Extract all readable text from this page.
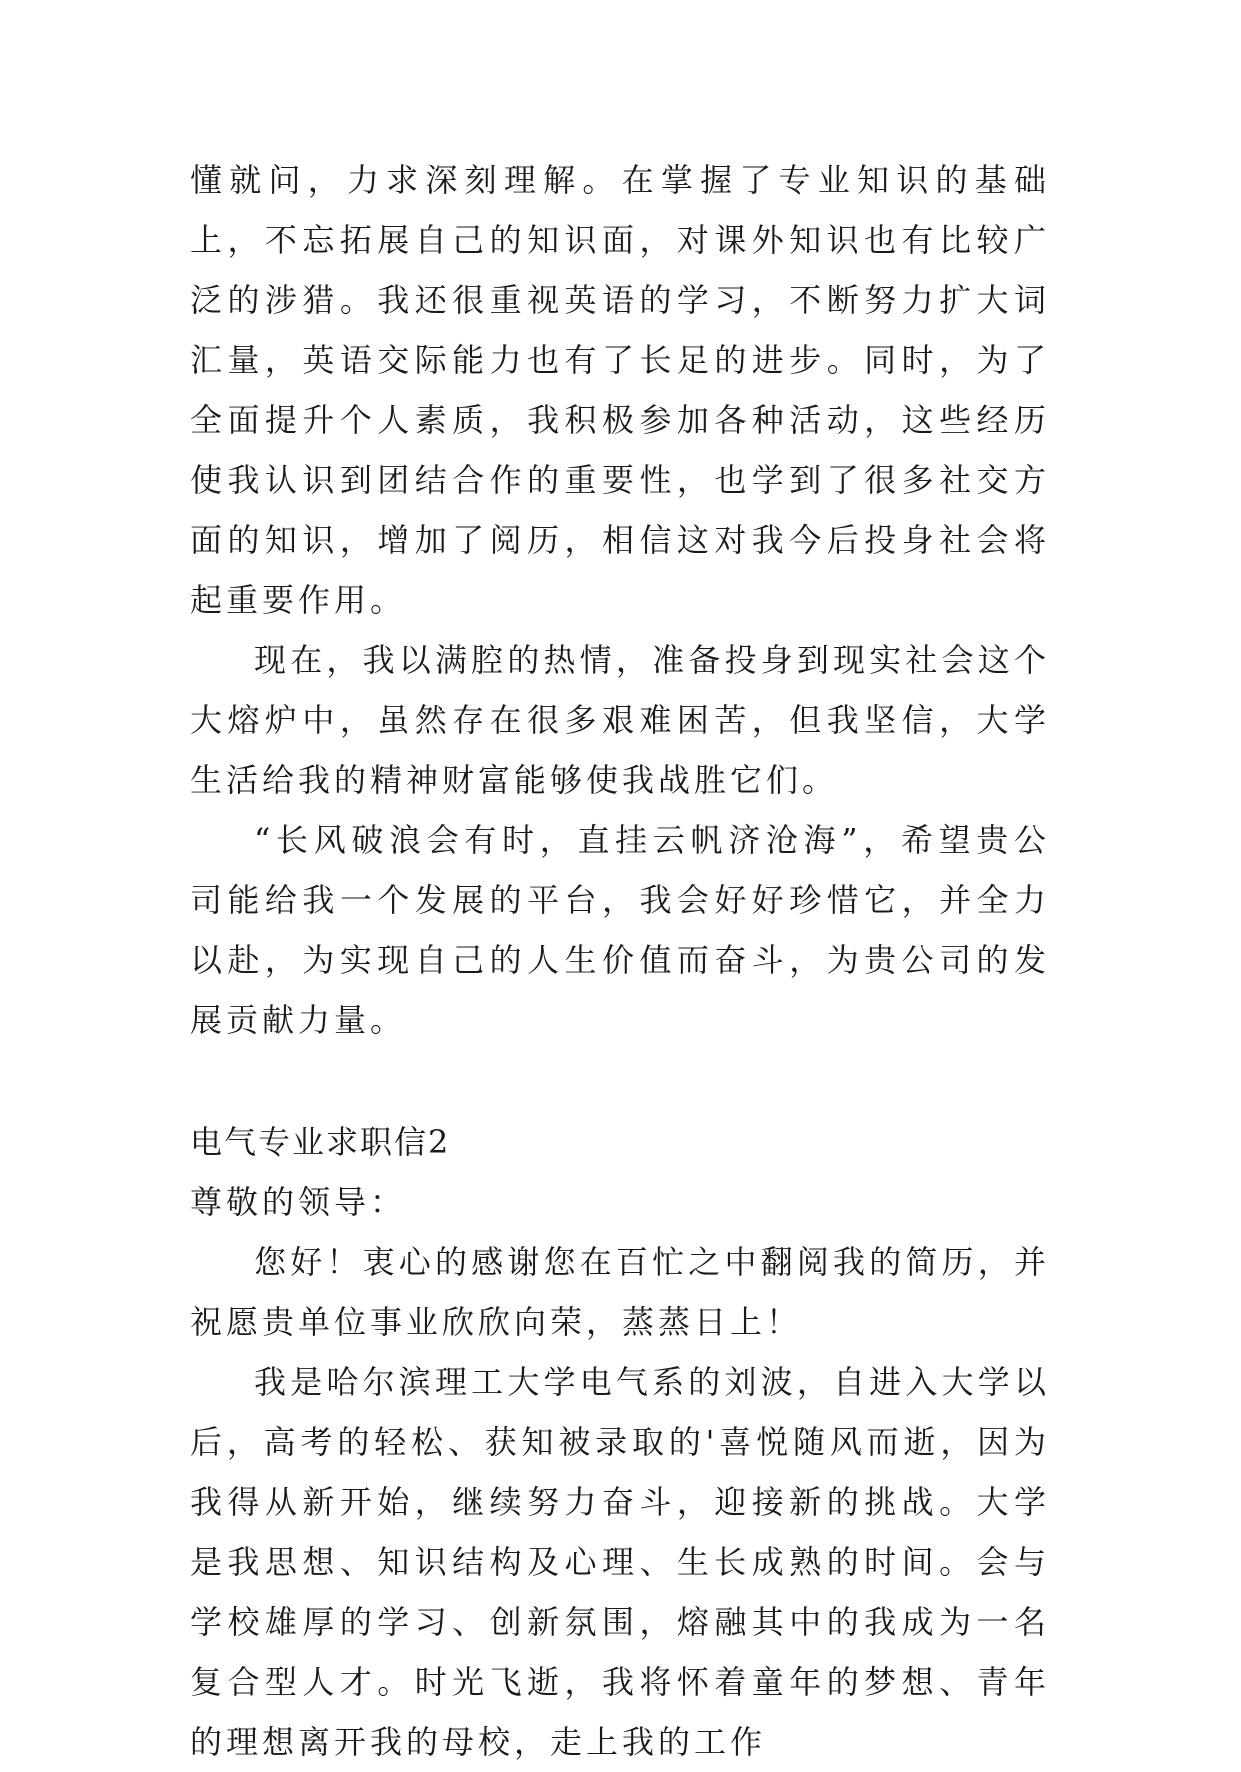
懂就问，力求深刻理解。在掌握了专业知识的基础上，不忘拓展自己的知识面，对课外知识也有比较广泛的涉猎。我还很重视英语的学习，不断努力扩大词汇量，英语交际能力也有了长足的进步。同时，为了全面提升个人素质，我积极参加各种活动，这些经历使我认识到团结合作的重要性，也学到了很多社交方面的知识，增加了阅历，相信这对我今后投身社会将起重要作用。

现在，我以满腔的热情，准备投身到现实社会这个大熔炉中，虽然存在很多艰难困苦，但我坚信，大学生活给我的精神财富能够使我战胜它们。

“长风破浪会有时，直挂云帆济沧海”，希望贵公司能给我一个发展的平台，我会好好珍惜它，并全力以赴，为实现自己的人生价值而奋斗，为贵公司的发展贡献力量。

电气专业求职信2

尊敬的领导：

您好！衷心的感谢您在百忙之中翻阅我的简历，并祝愿贵单位事业欣欣向荣，蒸蒸日上！

我是哈尔滨理工大学电气系的刘波，自进入大学以后，高考的轻松、获知被录取的'喜悦随风而逝，因为我得从新开始，继续努力奋斗，迎接新的挑战。大学是我思想、知识结构及心理、生长成熟的时间。会与学校雄厚的学习、创新氛围，熔融其中的我成为一名复合型人才。时光飞逝，我将怀着童年的梦想、青年的理想离开我的母校，走上我的工作
